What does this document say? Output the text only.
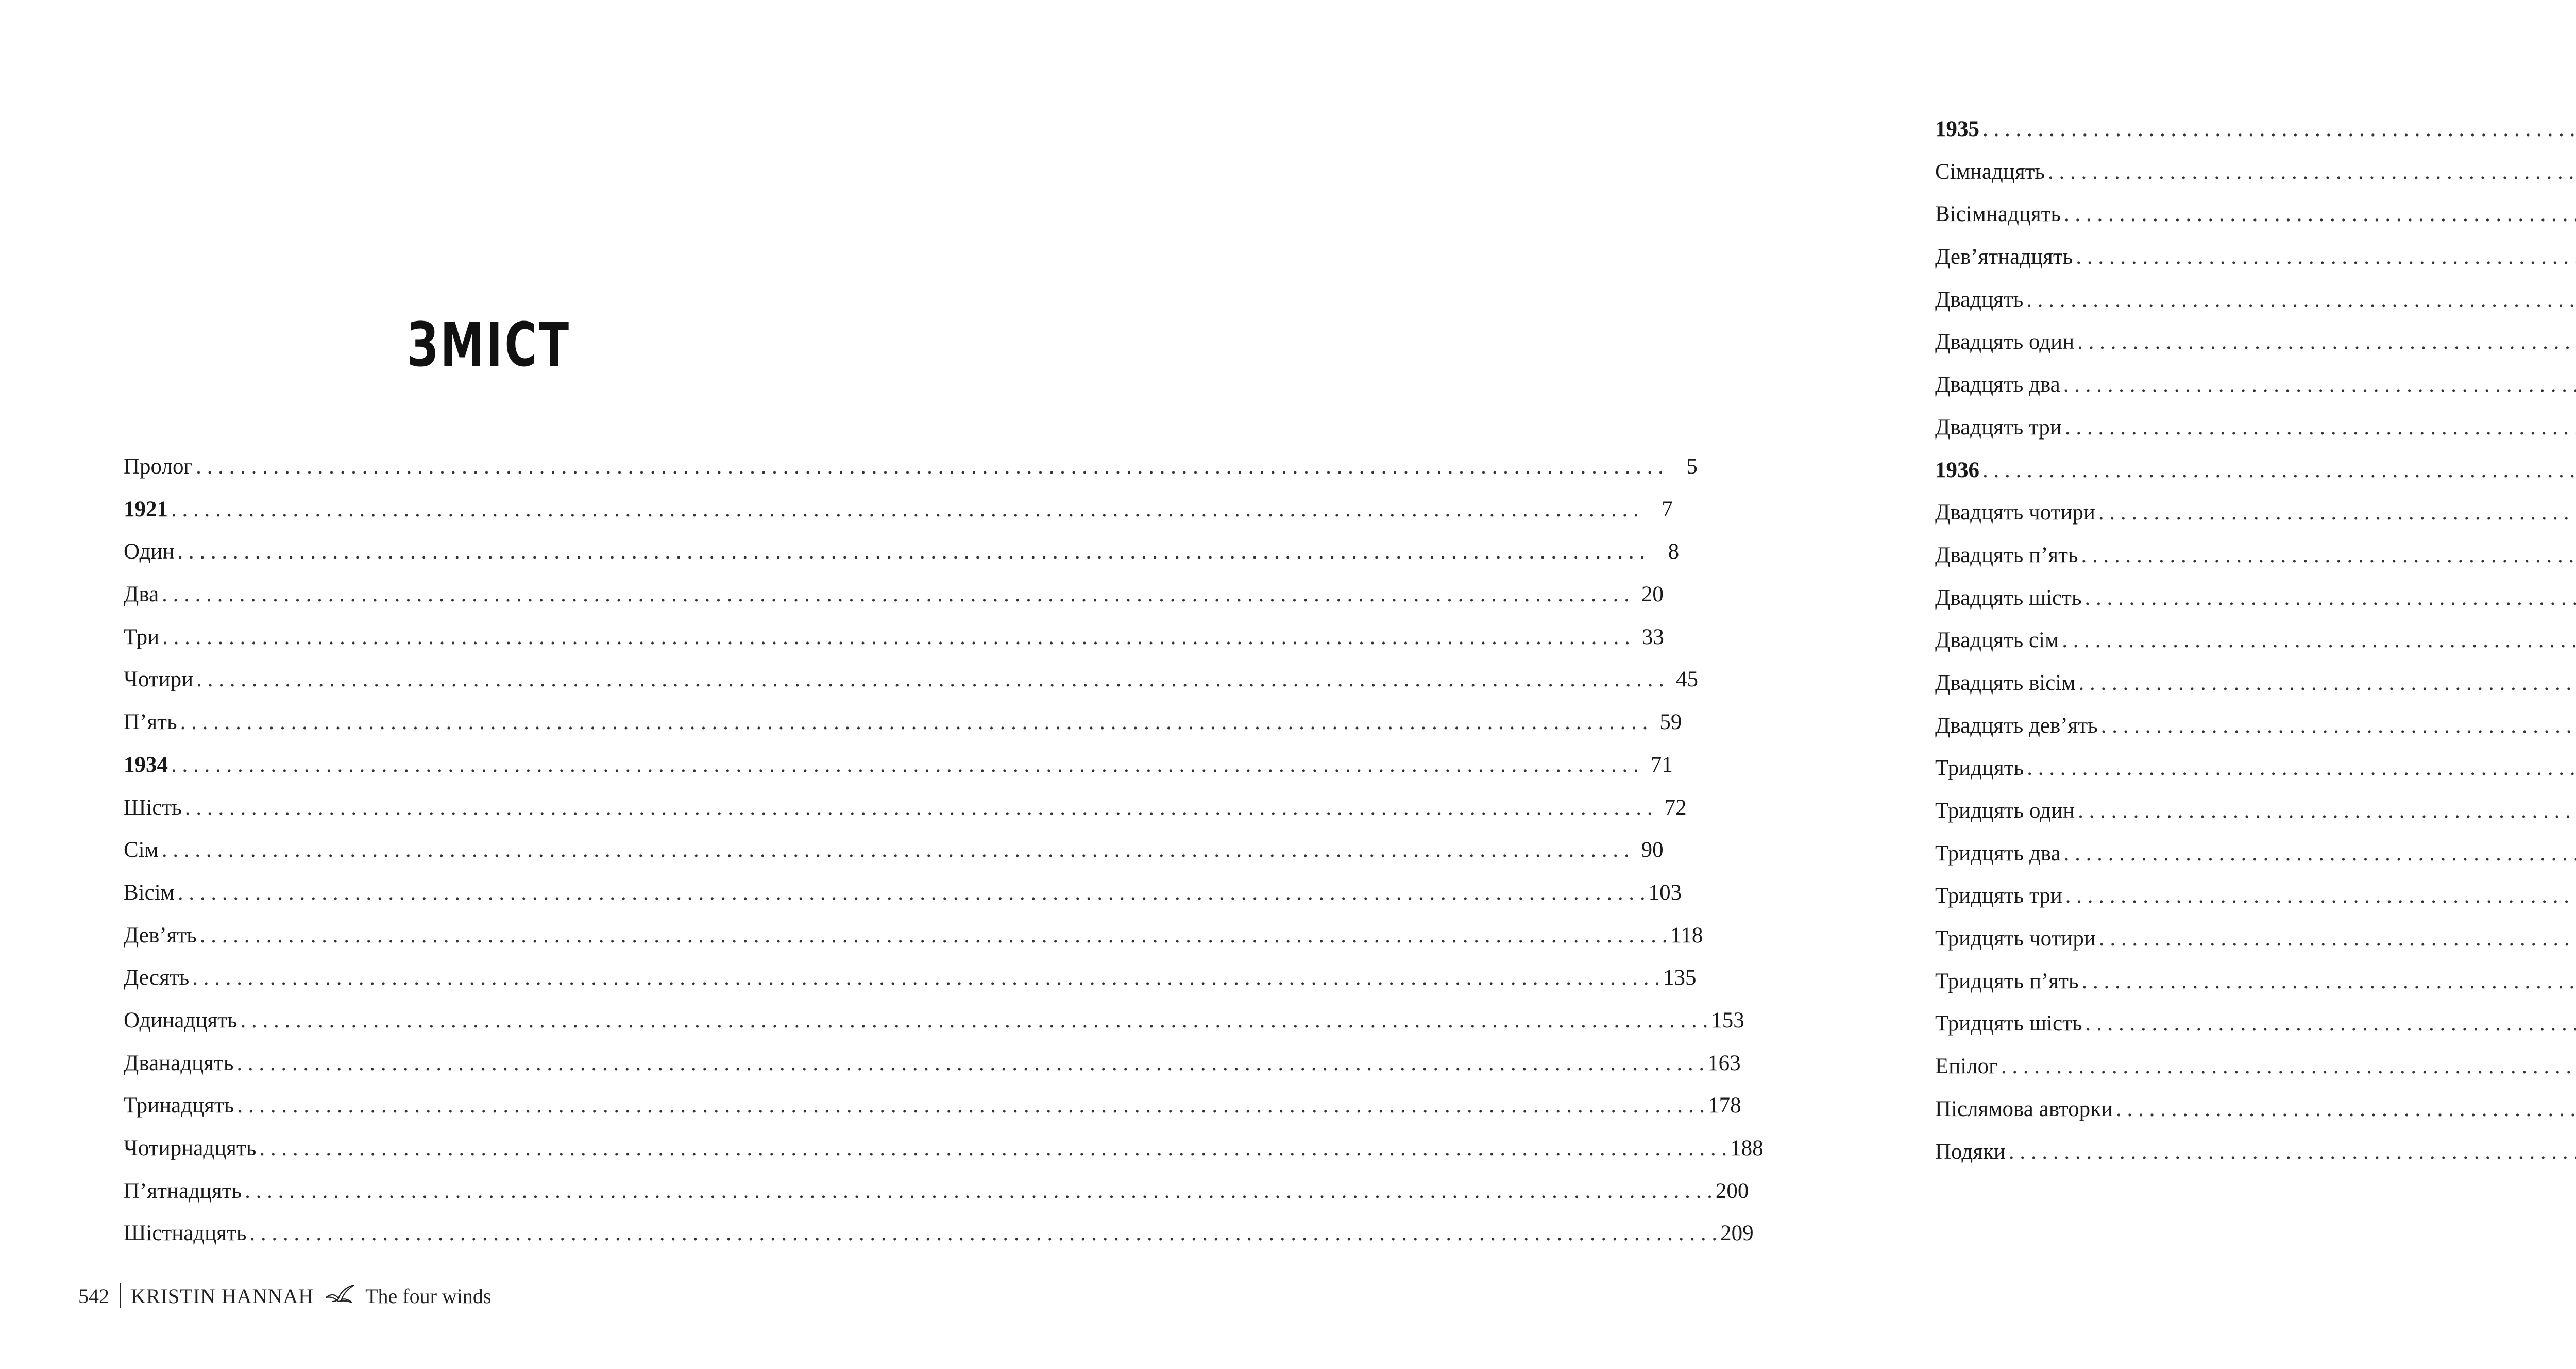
ЗМІСТ
Пролог . . .	5
1921 . . .	7
Один . . .	8
Два . . .	20
Три . . .	33
Чотири . . .	45
П’ять . . .	59
1934 . . .	71
Шість . . .	72
Сім . . .	90
Вісім . . .	103
Дев’ять . . .	118
Десять . . .	135
Одинадцять . . .	153
Дванадцять . . .	163
Тринадцять . . .	178
Чотирнадцять . . .	188
П’ятнадцять . . .	200
Шістнадцять . . .	209
542 KRISTIN HANNAH	The four winds
1935
. . .
Сімнадцять
. . .
Вісімнадцять
. . .
Дев’ятнадцять
. . .
Двадцять
. . .
Двадцять один
. . .
Двадцять два
. . .
Двадцять три
. . .
1936
. . .
Двадцять чотири
. . .
Двадцять п’ять
. . .
Двадцять шість
. . .
Двадцять сім
. . .
Двадцять вісім
. . .
Двадцять дев’ять
. . .
Тридцять
. . .
Тридцять один
. . .
Тридцять два
. . .
Тридцять три
. . .
Тридцять чотири
. . .
Тридцять п’ять
. . .
Тридцять шість
. . .
Епілог
. . .
Післямова авторки
. . .
Подяки
. . .
